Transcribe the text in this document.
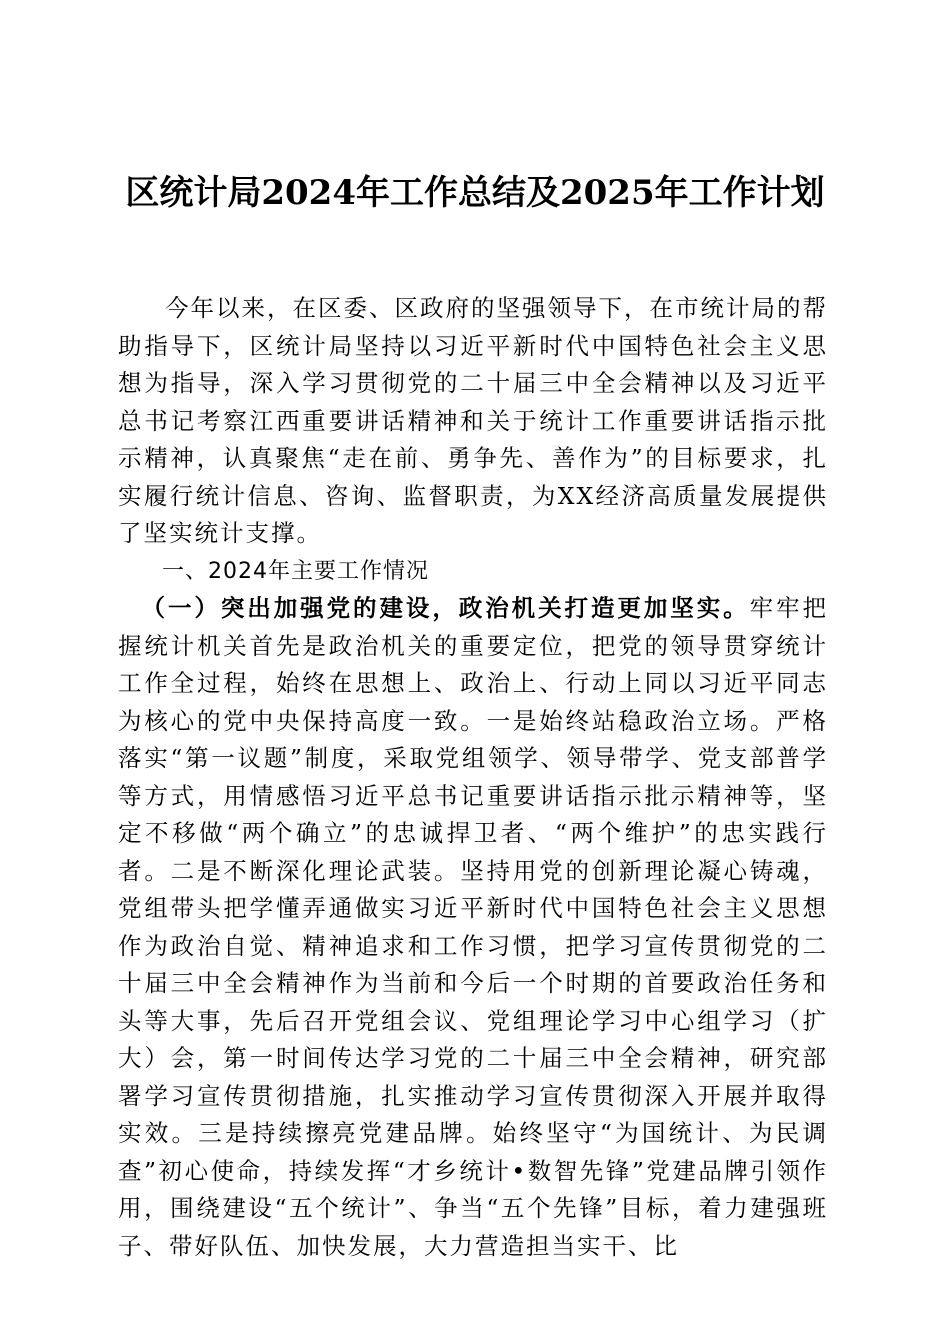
区统计局2024年工作总结及2025年工作计划

今年以来，在区委、区政府的坚强领导下，在市统计局的帮助指导下，区统计局坚持以习近平新时代中国特色社会主义思想为指导，深入学习贯彻党的二十届三中全会精神以及习近平总书记考察江西重要讲话精神和关于统计工作重要讲话指示批示精神，认真聚焦“走在前、勇争先、善作为”的目标要求，扎实履行统计信息、咨询、监督职责，为XX经济高质量发展提供了坚实统计支撑。

一、2024年主要工作情况

（一）突出加强党的建设，政治机关打造更加坚实。牢牢把握统计机关首先是政治机关的重要定位，把党的领导贯穿统计工作全过程，始终在思想上、政治上、行动上同以习近平同志为核心的党中央保持高度一致。一是始终站稳政治立场。严格落实“第一议题”制度，采取党组领学、领导带学、党支部普学等方式，用情感悟习近平总书记重要讲话指示批示精神等，坚定不移做“两个确立”的忠诚捍卫者、“两个维护”的忠实践行者。二是不断深化理论武装。坚持用党的创新理论凝心铸魂，党组带头把学懂弄通做实习近平新时代中国特色社会主义思想作为政治自觉、精神追求和工作习惯，把学习宣传贯彻党的二十届三中全会精神作为当前和今后一个时期的首要政治任务和头等大事，先后召开党组会议、党组理论学习中心组学习（扩大）会，第一时间传达学习党的二十届三中全会精神，研究部署学习宣传贯彻措施，扎实推动学习宣传贯彻深入开展并取得实效。三是持续擦亮党建品牌。始终坚守“为国统计、为民调查”初心使命，持续发挥“才乡统计•数智先锋”党建品牌引领作用，围绕建设“五个统计”、争当“五个先锋”目标，着力建强班子、带好队伍、加快发展，大力营造担当实干、比
